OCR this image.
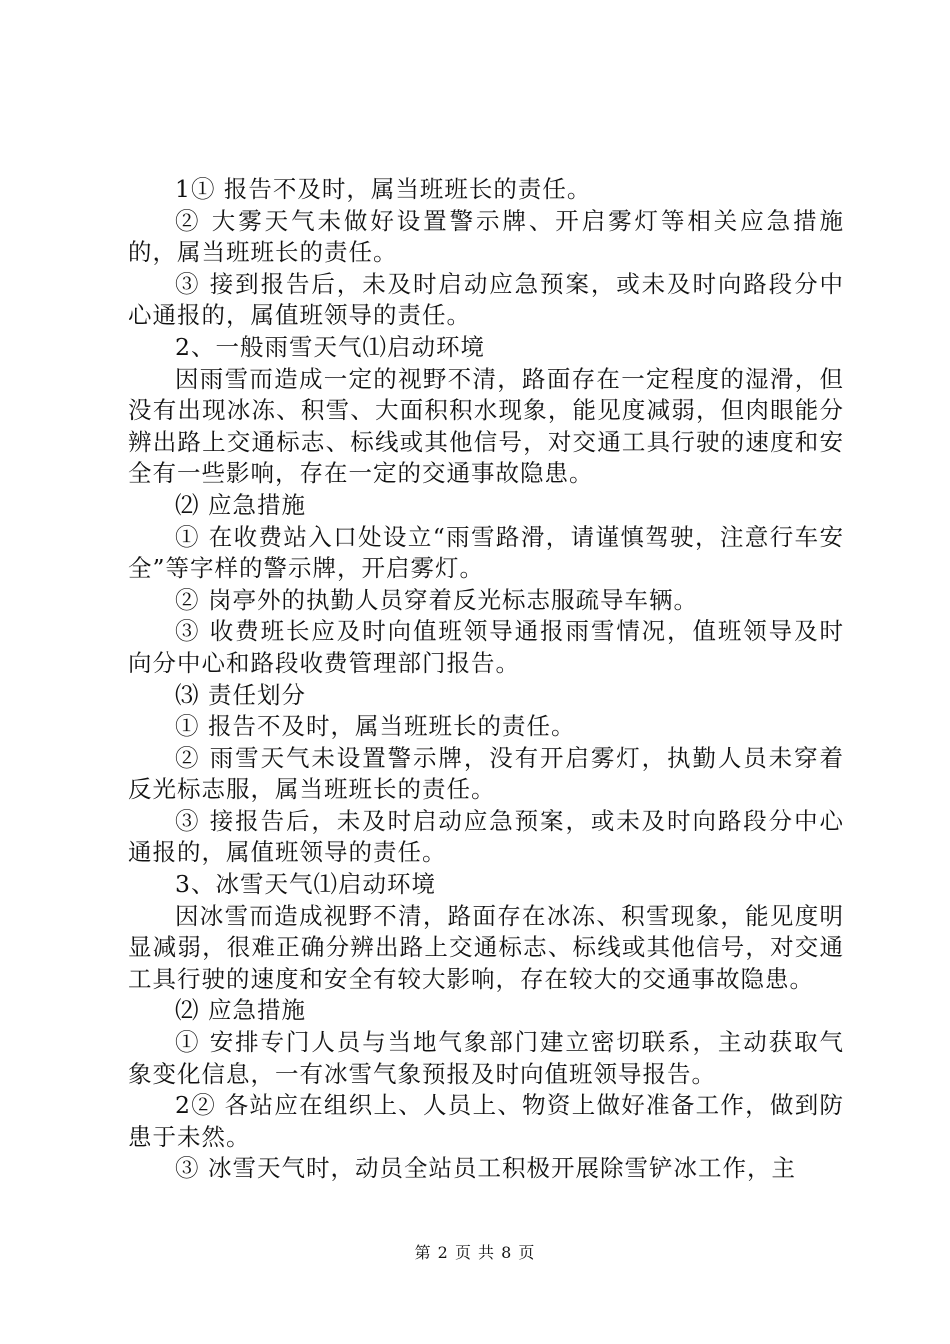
1① 报告不及时，属当班班长的责任。

② 大雾天气未做好设置警示牌、开启雾灯等相关应急措施的，属当班班长的责任。

③ 接到报告后，未及时启动应急预案，或未及时向路段分中心通报的，属值班领导的责任。

2、一般雨雪天气⑴启动环境

因雨雪而造成一定的视野不清，路面存在一定程度的湿滑，但没有出现冰冻、积雪、大面积积水现象，能见度减弱，但肉眼能分辨出路上交通标志、标线或其他信号，对交通工具行驶的速度和安全有一些影响，存在一定的交通事故隐患。

⑵ 应急措施

① 在收费站入口处设立“雨雪路滑，请谨慎驾驶，注意行车安全”等字样的警示牌，开启雾灯。

② 岗亭外的执勤人员穿着反光标志服疏导车辆。

③ 收费班长应及时向值班领导通报雨雪情况，值班领导及时向分中心和路段收费管理部门报告。

⑶ 责任划分

① 报告不及时，属当班班长的责任。

② 雨雪天气未设置警示牌，没有开启雾灯，执勤人员未穿着反光标志服，属当班班长的责任。

③ 接报告后，未及时启动应急预案，或未及时向路段分中心通报的，属值班领导的责任。

3、冰雪天气⑴启动环境

因冰雪而造成视野不清，路面存在冰冻、积雪现象，能见度明显减弱，很难正确分辨出路上交通标志、标线或其他信号，对交通工具行驶的速度和安全有较大影响，存在较大的交通事故隐患。

⑵ 应急措施

① 安排专门人员与当地气象部门建立密切联系，主动获取气象变化信息，一有冰雪气象预报及时向值班领导报告。

2② 各站应在组织上、人员上、物资上做好准备工作，做到防患于未然。

③ 冰雪天气时，动员全站员工积极开展除雪铲冰工作，主

第 2 页 共 8 页
